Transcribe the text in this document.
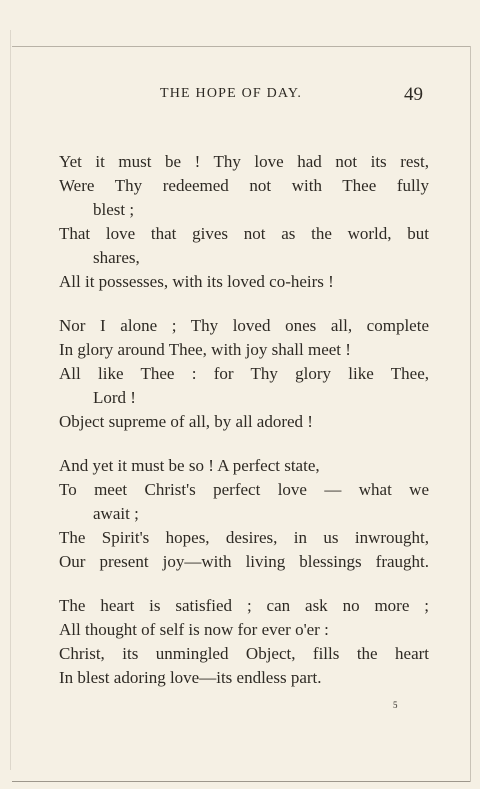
THE HOPE OF DAY.	49
Yet it must be ! Thy love had not its rest,
Were Thy redeemed not with Thee fully
blest ;
That love that gives not as the world, but
shares,
All it possesses, with its loved co-heirs !
Nor I alone ; Thy loved ones all, complete
In glory around Thee, with joy shall meet !
All like Thee : for Thy glory like Thee,
Lord !
Object supreme of all, by all adored !
And yet it must be so ! A perfect state,
To meet Christ's perfect love — what we
await ;
The Spirit's hopes, desires, in us inwrought,
Our present joy—with living blessings fraught.
The heart is satisfied ; can ask no more ;
All thought of self is now for ever o'er :
Christ, its unmingled Object, fills the heart
In blest adoring love—its endless part.
5
